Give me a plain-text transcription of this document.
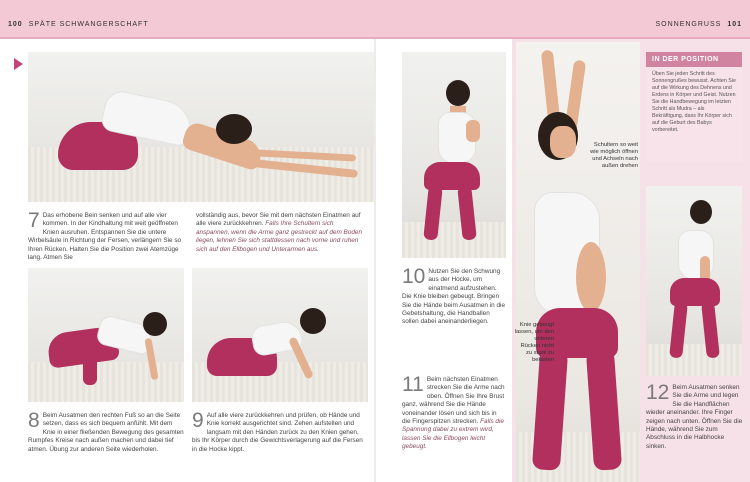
100 SPÄTE SCHWANGERSCHAFT	SONNENGRUSS 101
7 Das erhobene Bein senken und auf alle vier kommen. In der Kindhaltung mit weit geöffneten Knien ausruhen. Entspannen Sie die untere Wirbelsäule in Richtung der Fersen, verlängern Sie so Ihren Rücken. Halten Sie die Position zwei Atemzüge lang. Atmen Sie
vollständig aus, bevor Sie mit dem nächsten Einatmen auf alle viere zurückkehren. Falls Ihre Schultern sich anspannen, wenn die Arme ganz gestreckt auf dem Boden liegen, lehnen Sie sich stattdessen nach vorne und ruhen sich auf den Ellbogen und Unterarmen aus.
8 Beim Ausatmen den rechten Fuß so an die Seite setzen, dass es sich bequem anfühlt. Mit dem Knie in einer fließenden Bewegung des gesamten Rumpfes Kreise nach außen machen und dabei tief atmen. Übung zur anderen Seite wiederholen.
9 Auf alle viere zurückkehren und prüfen, ob Hände und Knie korrekt ausgerichtet sind. Zehen aufstellen und langsam mit den Händen zurück zu den Knien gehen, bis Ihr Körper durch die Gewichtsverlagerung auf die Fersen in die Hocke kippt.
10 Nutzen Sie den Schwung aus der Hocke, um einatmend aufzustehen. Die Knie bleiben gebeugt. Bringen Sie die Hände beim Ausatmen in die Gebetshaltung, die Handballen sollen dabei aneinanderliegen.
11 Beim nächsten Einatmen strecken Sie die Arme nach oben. Öffnen Sie Ihre Brust ganz, während Sie die Hände voneinander lösen und sich bis in die Fingerspitzen strecken. Falls die Spannung dabei zu extrem wird, lassen Sie die Ellbogen leicht gebeugt.
Schultern so weit wie möglich öffnen und Achseln nach außen drehen
Knie gebeugt lassen, um den unteren Rücken nicht zu stark zu belasten
IN DER POSITION
Üben Sie jeden Schritt des Sonnengrußes bewusst. Achten Sie auf die Wirkung des Dehnens und Erdens in Körper und Geist. Nutzen Sie die Handbewegung im letzten Schritt als Mudra – als Bekräftigung, dass Ihr Körper sich auf die Geburt des Babys vorbereitet.
12 Beim Ausatmen senken Sie die Arme und legen Sie die Handflächen wieder aneinander. Ihre Finger zeigen nach unten. Öffnen Sie die Hände, während Sie zum Abschluss in die Halbhocke sinken.
